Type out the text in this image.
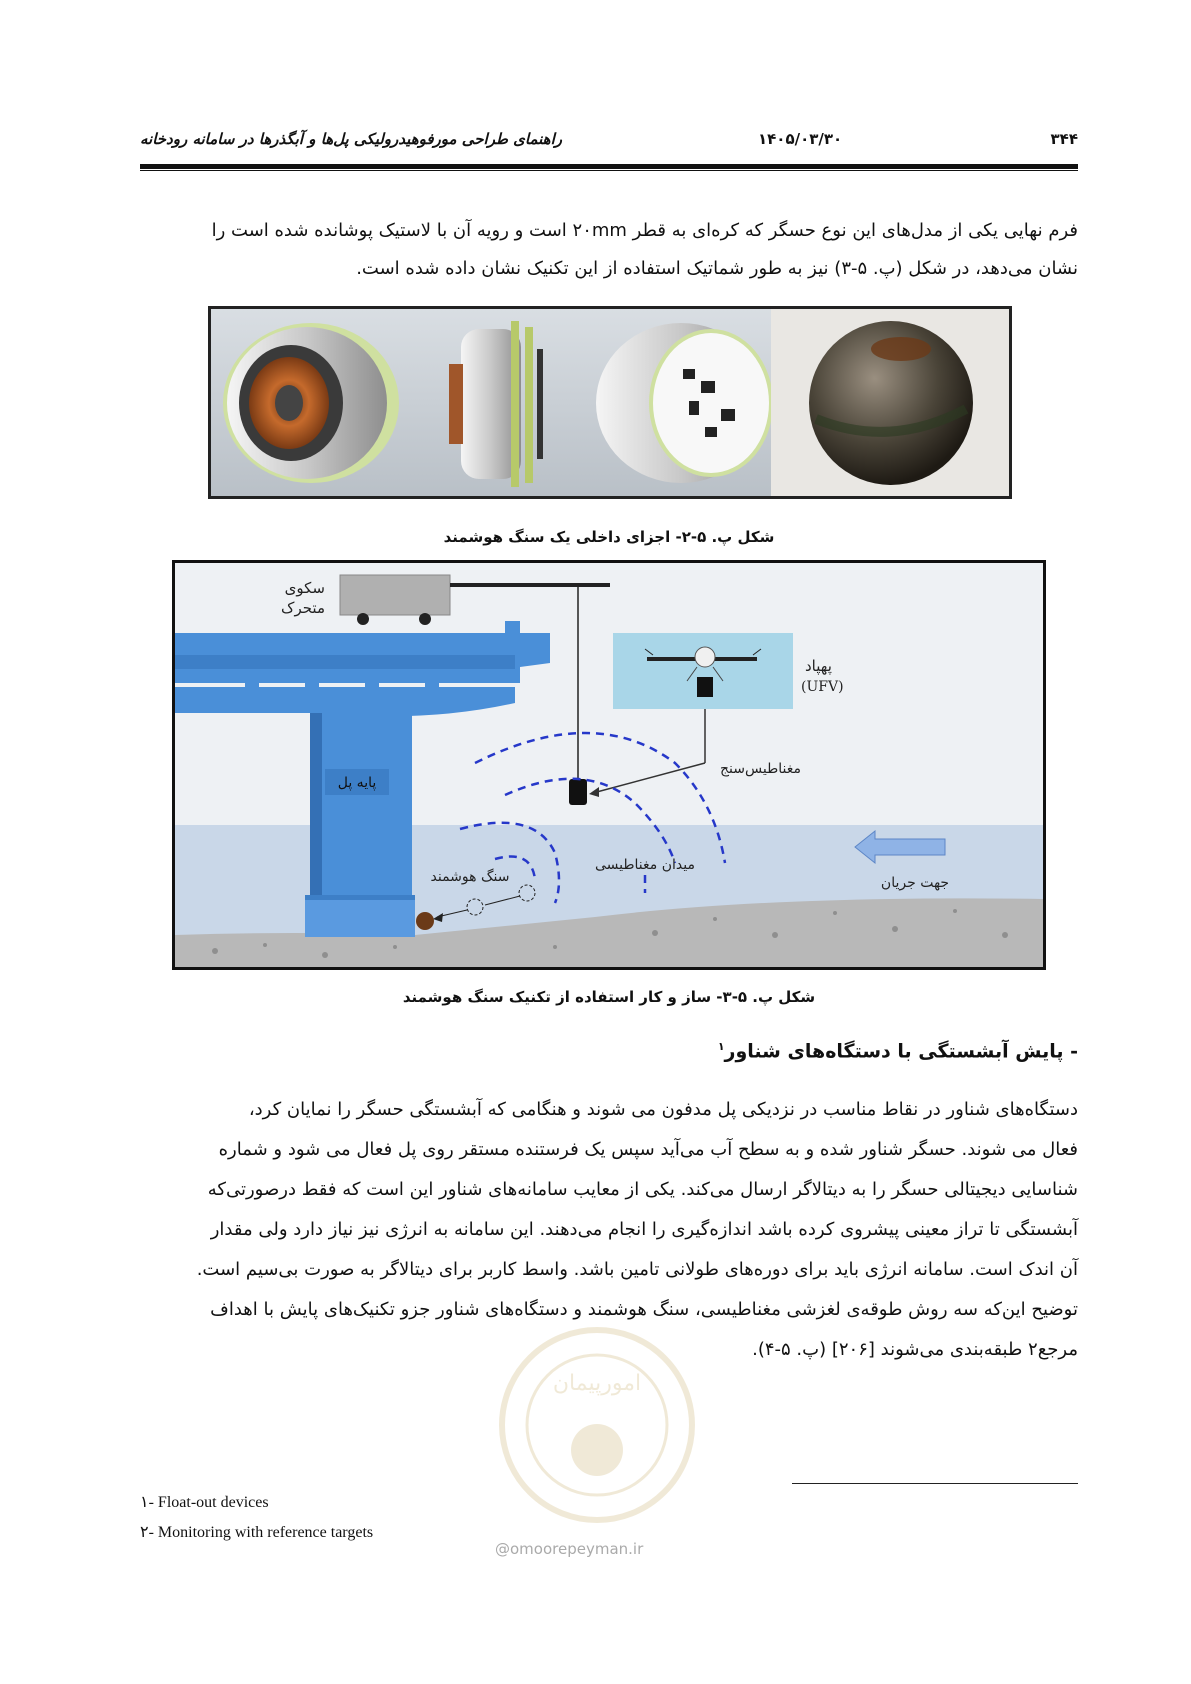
۳۴۴
۱۴۰۵/۰۳/۳۰
راهنمای طراحی مورفوهیدرولیکی پل‌ها و آبگذرها در سامانه رودخانه

فرم نهایی یکی از مدل‌های این نوع حسگر که کره‌ای به قطر ۲۰mm است و رویه آن با لاستیک پوشانده شده است را

نشان می‌دهد، در شکل (پ. ۵-۳) نیز به طور شماتیک استفاده از این تکنیک نشان داده شده است.

شکل پ. ۵-۲- اجزای داخلی یک سنگ هوشمند
سکوی
متحرک
پهپاد
(UFV)
مغناطیس‌سنج
پایه پل
میدان مغناطیسی
سنگ هوشمند	جهت جریان
شکل پ. ۵-۳- ساز و کار استفاده از تکنیک سنگ هوشمند
- پایش آبشستگی با دستگاه‌های شناور$^۱$

دستگاه‌های شناور در نقاط مناسب در نزدیکی پل مدفون می شوند و هنگامی که آبشستگی حسگر را نمایان کرد،

فعال می شوند. حسگر شناور شده و به سطح آب می‌آید سپس یک فرستنده مستقر روی پل فعال می شود و شماره

شناسایی دیجیتالی حسگر را به دیتالاگر ارسال می‌کند. یکی از معایب سامانه‌های شناور این است که فقط درصورتی‌که

آبشستگی تا تراز معینی پیشروی کرده باشد اندازه‌گیری را انجام می‌دهند. این سامانه به انرژی نیز نیاز دارد ولی مقدار

آن اندک است. سامانه انرژی باید برای دوره‌های طولانی تامین باشد. واسط کاربر برای دیتالاگر به صورت بی‌سیم است.

توضیح این‌که سه روش طوقه‌ی لغزشی مغناطیسی، سنگ هوشمند و دستگاه‌های شناور جزو تکنیک‌های پایش با اهداف

مرجع۲ طبقه‌بندی می‌شوند [۲۰۶] (پ. ۵-۴).

امورپیمان
@omoorepeyman.ir
۱- Float-out devices
۲- Monitoring with reference targets
